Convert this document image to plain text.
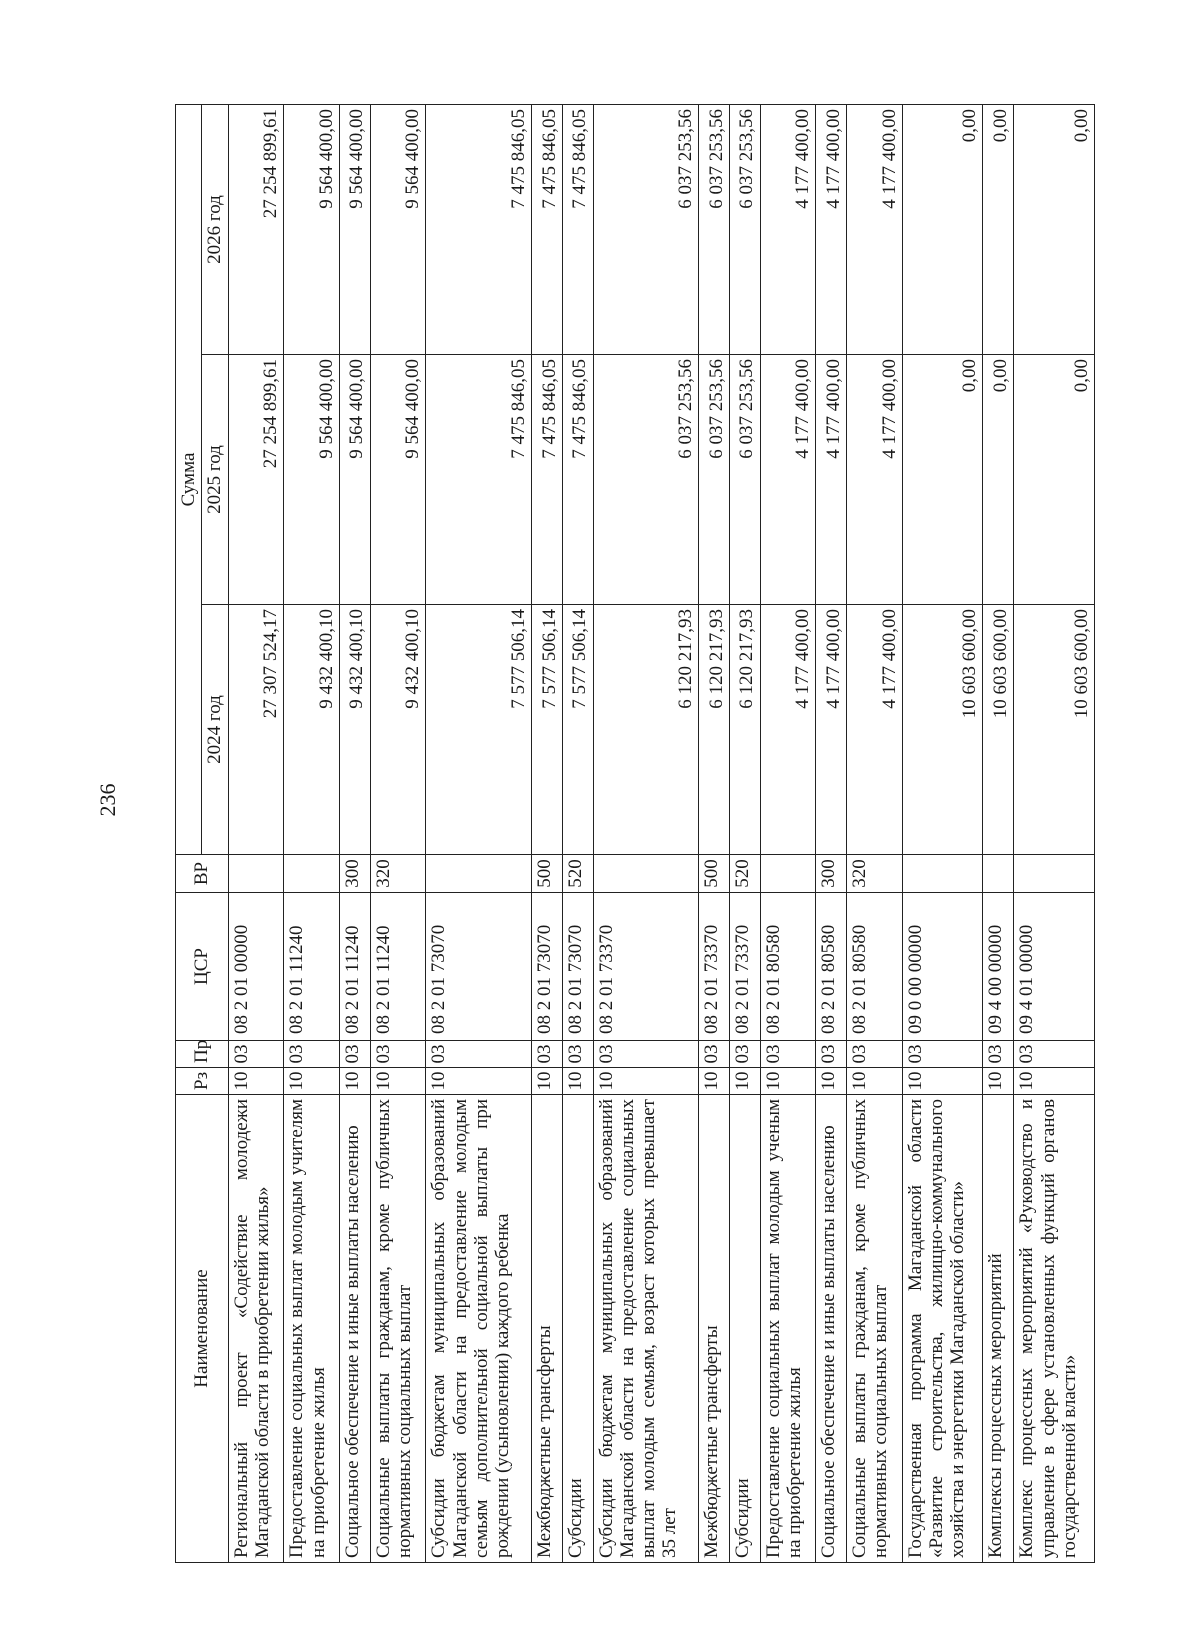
236
Наименование	Рз	Пр	ЦСР	ВР	Сумма		
					2024 год	2025 год	2026 год
Региональный проект «Содействие молодежи Магаданской области в приобретении жилья»	10	03	08 2 01 00000		27 307 524,17	27 254 899,61	27 254 899,61
Предоставление социальных выплат молодым учителям на приобретение жилья	10	03	08 2 01 11240		9 432 400,10	9 564 400,00	9 564 400,00
Социальное обеспечение и иные выплаты населению	10	03	08 2 01 11240	300	9 432 400,10	9 564 400,00	9 564 400,00
Социальные выплаты гражданам, кроме публичных нормативных социальных выплат	10	03	08 2 01 11240	320	9 432 400,10	9 564 400,00	9 564 400,00
Субсидии бюджетам муниципальных образований Магаданской области на предоставление молодым семьям дополнительной социальной выплаты при рождении (усыновлении) каждого ребенка	10	03	08 2 01 73070		7 577 506,14	7 475 846,05	7 475 846,05
Межбюджетные трансферты	10	03	08 2 01 73070	500	7 577 506,14	7 475 846,05	7 475 846,05
Субсидии	10	03	08 2 01 73070	520	7 577 506,14	7 475 846,05	7 475 846,05
Субсидии бюджетам муниципальных образований Магаданской области на предоставление социальных выплат молодым семьям, возраст которых превышает 35 лет	10	03	08 2 01 73370		6 120 217,93	6 037 253,56	6 037 253,56
Межбюджетные трансферты	10	03	08 2 01 73370	500	6 120 217,93	6 037 253,56	6 037 253,56
Субсидии	10	03	08 2 01 73370	520	6 120 217,93	6 037 253,56	6 037 253,56
Предоставление социальных выплат молодым ученым на приобретение жилья	10	03	08 2 01 80580		4 177 400,00	4 177 400,00	4 177 400,00
Социальное обеспечение и иные выплаты населению	10	03	08 2 01 80580	300	4 177 400,00	4 177 400,00	4 177 400,00
Социальные выплаты гражданам, кроме публичных нормативных социальных выплат	10	03	08 2 01 80580	320	4 177 400,00	4 177 400,00	4 177 400,00
Государственная программа Магаданской области «Развитие строительства, жилищно-коммунального хозяйства и энергетики Магаданской области»	10	03	09 0 00 00000		10 603 600,00	0,00	0,00
Комплексы процессных мероприятий	10	03	09 4 00 00000		10 603 600,00	0,00	0,00
Комплекс процессных мероприятий «Руководство и управление в сфере установленных функций органов государственной власти»	10	03	09 4 01 00000		10 603 600,00	0,00	0,00
